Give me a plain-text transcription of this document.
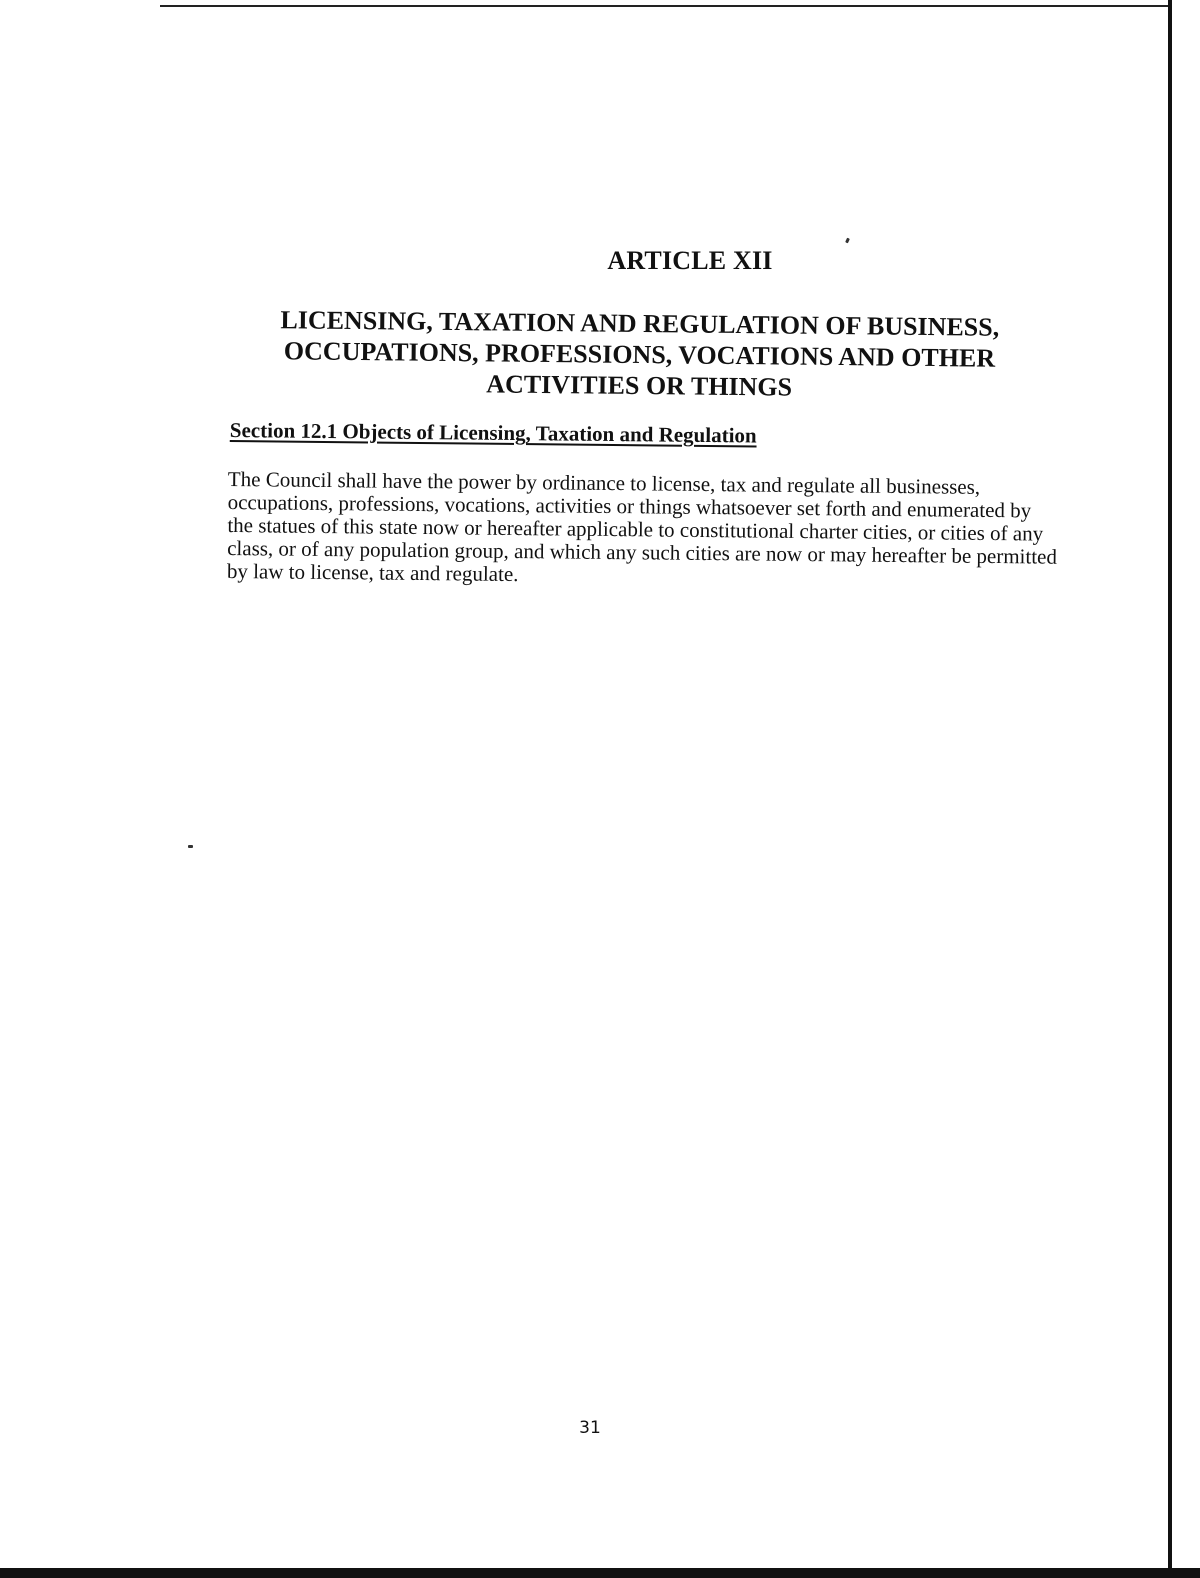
ARTICLE XII
LICENSING, TAXATION AND REGULATION OF BUSINESS, OCCUPATIONS, PROFESSIONS, VOCATIONS AND OTHER ACTIVITIES OR THINGS
Section 12.1 Objects of Licensing, Taxation and Regulation
The Council shall have the power by ordinance to license, tax and regulate all businesses, occupations, professions, vocations, activities or things whatsoever set forth and enumerated by the statues of this state now or hereafter applicable to constitutional charter cities, or cities of any class, or of any population group, and which any such cities are now or may hereafter be permitted by law to license, tax and regulate.
31
